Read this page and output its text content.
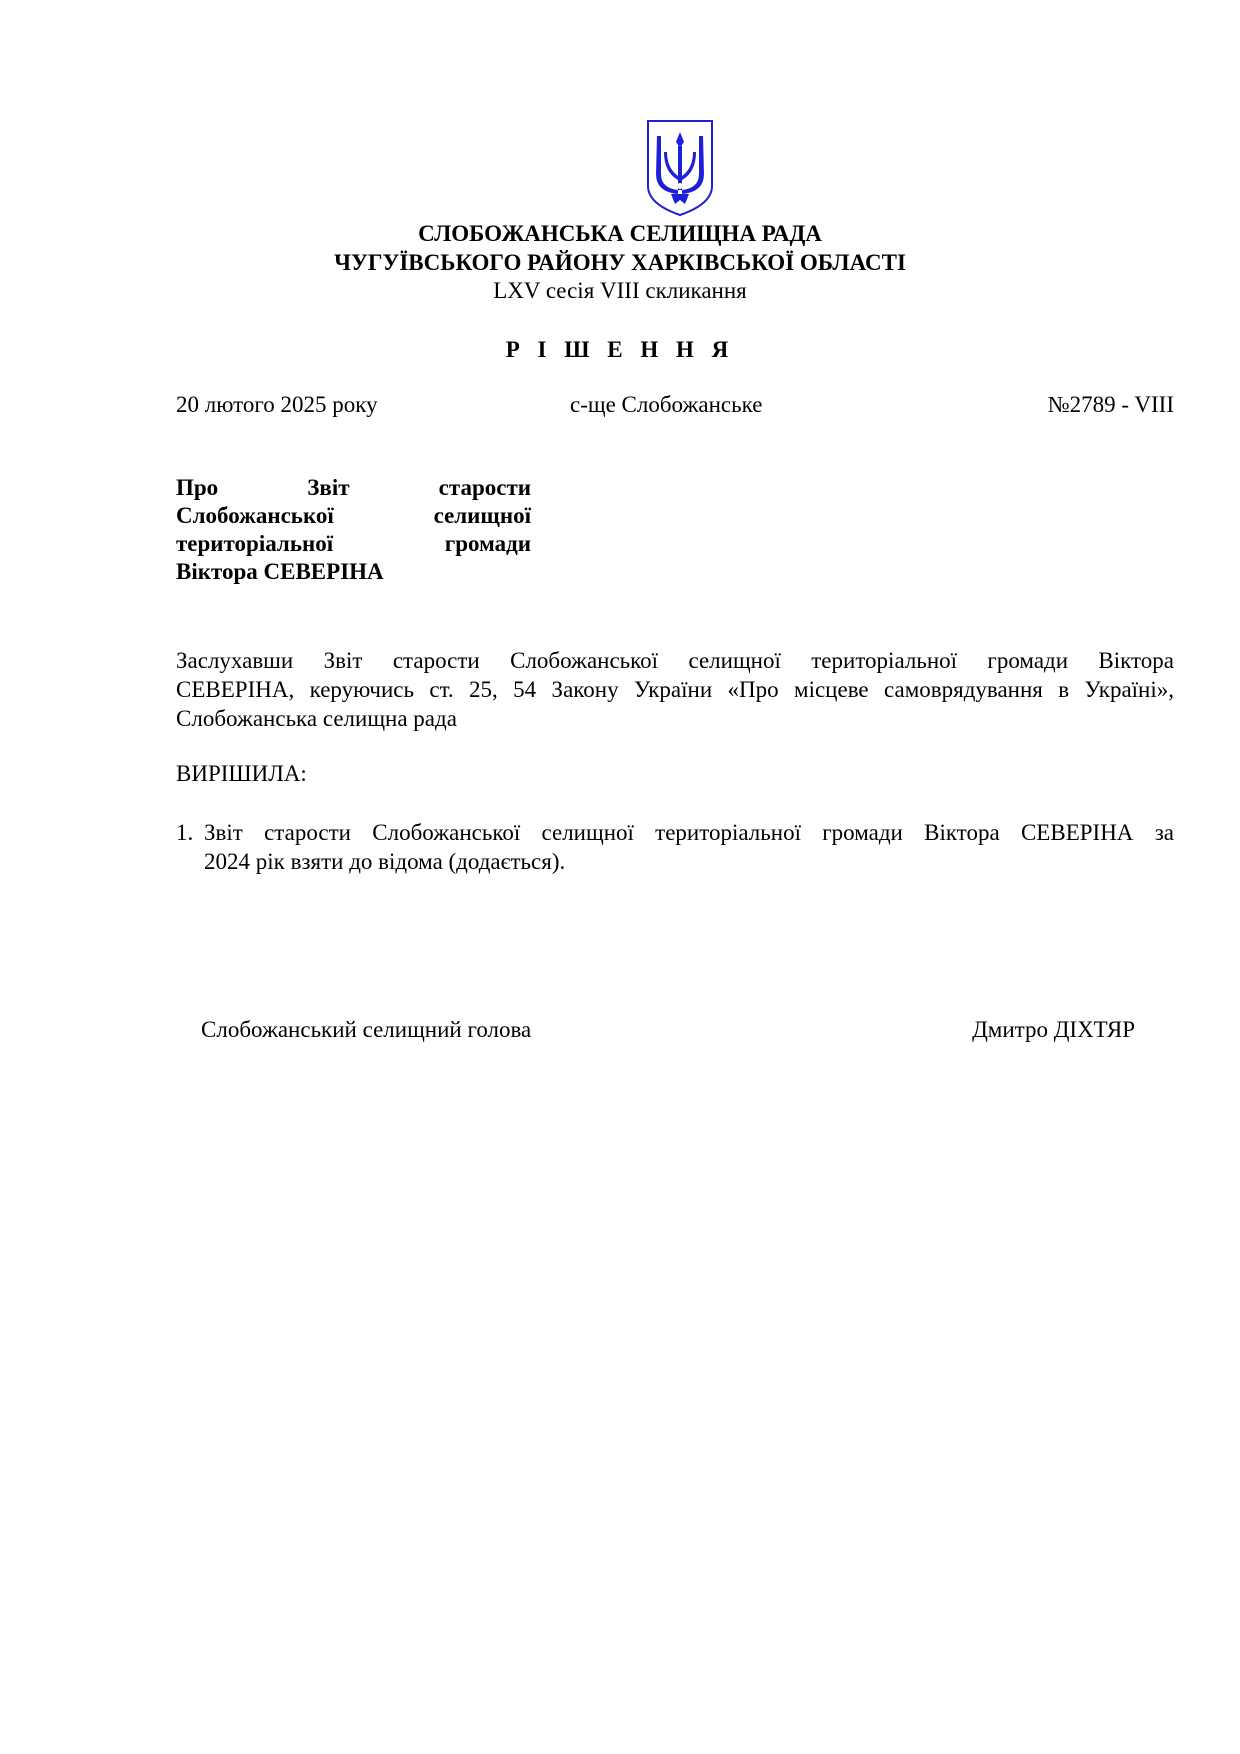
СЛОБОЖАНСЬКА СЕЛИЩНА РАДА
ЧУГУЇВСЬКОГО РАЙОНУ ХАРКІВСЬКОЇ ОБЛАСТІ
LXV сесія VIII скликання
Р І Ш Е Н Н Я
20 лютого 2025 року	с-ще Слобожанське	№2789 - VIII
Про	Звіт	старости
Слобожанської	селищної
територіальної	громади
Віктора СЕВЕРІНА
Заслухавши Звіт старости Слобожанської селищної територіальної громади Віктора
СЕВЕРІНА, керуючись ст. 25, 54 Закону України «Про місцеве самоврядування в Україні»,
Слобожанська селищна рада
ВИРІШИЛА:
1. Звіт старости Слобожанської селищної територіальної громади Віктора СЕВЕРІНА за
2024 рік взяти до відома (додається).
Слобожанський селищний голова	Дмитро ДІХТЯР
